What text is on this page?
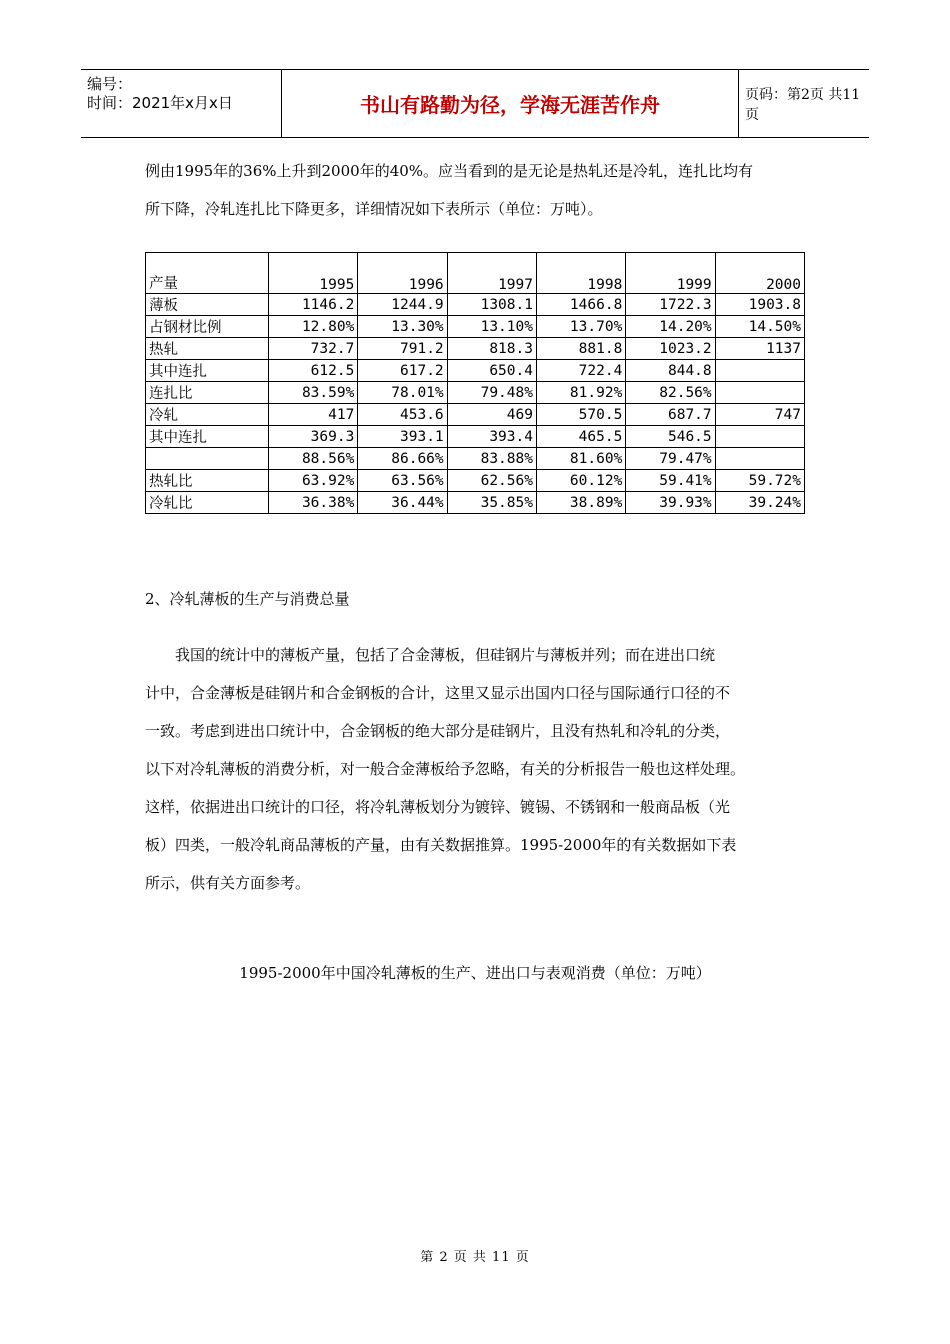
编号：
时间：2021年x月x日	书山有路勤为径，学海无涯苦作舟	页码：第2页 共11页

例由1995年的36%上升到2000年的40%。应当看到的是无论是热轧还是冷轧，连扎比均有

所下降，冷轧连扎比下降更多，详细情况如下表所示（单位：万吨）。

产量	1995	1996	1997	1998	1999	2000
薄板	1146.2	1244.9	1308.1	1466.8	1722.3	1903.8
占钢材比例	12.80%	13.30%	13.10%	13.70%	14.20%	14.50%
热轧	732.7	791.2	818.3	881.8	1023.2	1137
其中连扎	612.5	617.2	650.4	722.4	844.8	
连扎比	83.59%	78.01%	79.48%	81.92%	82.56%	
冷轧	417	453.6	469	570.5	687.7	747
其中连扎	369.3	393.1	393.4	465.5	546.5	
	88.56%	86.66%	83.88%	81.60%	79.47%	
热轧比	63.92%	63.56%	62.56%	60.12%	59.41%	59.72%
冷轧比	36.38%	36.44%	35.85%	38.89%	39.93%	39.24%
2、冷轧薄板的生产与消费总量

　　我国的统计中的薄板产量，包括了合金薄板，但硅钢片与薄板并列；而在进出口统

计中，合金薄板是硅钢片和合金钢板的合计，这里又显示出国内口径与国际通行口径的不

一致。考虑到进出口统计中，合金钢板的绝大部分是硅钢片，且没有热轧和冷轧的分类，

以下对冷轧薄板的消费分析，对一般合金薄板给予忽略，有关的分析报告一般也这样处理。

这样，依据进出口统计的口径，将冷轧薄板划分为镀锌、镀锡、不锈钢和一般商品板（光

板）四类，一般冷轧商品薄板的产量，由有关数据推算。1995-2000年的有关数据如下表

所示，供有关方面参考。

1995-2000年中国冷轧薄板的生产、进出口与表观消费（单位：万吨）
第 2 页 共 11 页
